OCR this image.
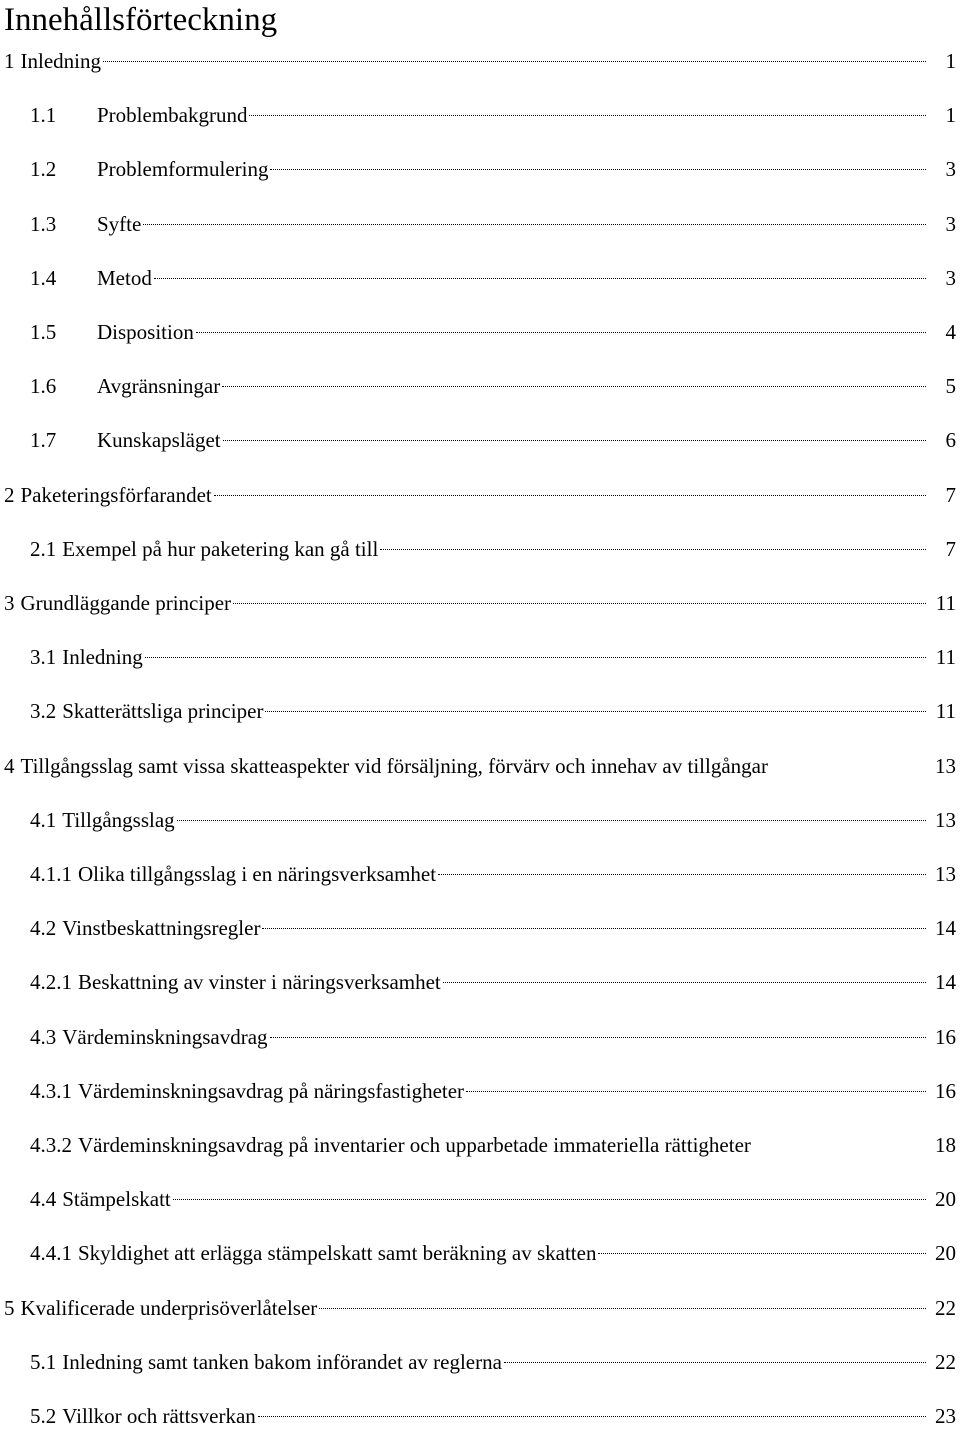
Innehållsförteckning
1 Inledning	1
1.1	Problembakgrund	1
1.2	Problemformulering	3
1.3	Syfte	3
1.4	Metod	3
1.5	Disposition	4
1.6	Avgränsningar	5
1.7	Kunskapsläget	6
2 Paketeringsförfarandet	7
2.1 Exempel på hur paketering kan gå till	7
3 Grundläggande principer	11
3.1 Inledning	11
3.2 Skatterättsliga principer	11
4 Tillgångsslag samt vissa skatteaspekter vid försäljning, förvärv och innehav av tillgångar	13
4.1 Tillgångsslag	13
4.1.1 Olika tillgångsslag i en näringsverksamhet	13
4.2 Vinstbeskattningsregler	14
4.2.1 Beskattning av vinster i näringsverksamhet	14
4.3 Värdeminskningsavdrag	16
4.3.1 Värdeminskningsavdrag på näringsfastigheter	16
4.3.2 Värdeminskningsavdrag på inventarier och upparbetade immateriella rättigheter	18
4.4 Stämpelskatt	20
4.4.1 Skyldighet att erlägga stämpelskatt samt beräkning av skatten	20
5 Kvalificerade underprisöverlåtelser	22
5.1 Inledning samt tanken bakom införandet av reglerna	22
5.2 Villkor och rättsverkan	23
